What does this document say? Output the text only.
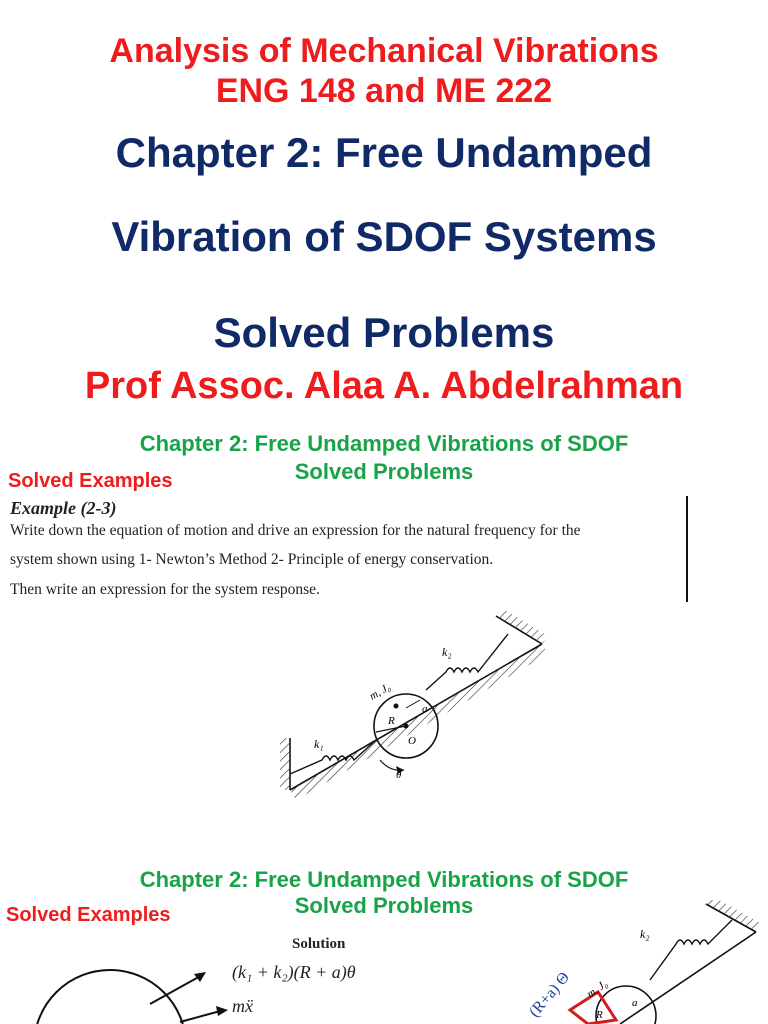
Analysis of Mechanical Vibrations
ENG 148 and ME 222
Chapter 2: Free Undamped
Vibration of SDOF Systems
Solved Problems
Prof Assoc. Alaa A. Abdelrahman
Chapter 2: Free Undamped Vibrations of SDOF
Solved Problems
Solved Examples
Example (2-3)
Write down the equation of motion and drive an expression for the natural frequency for the
system shown using 1- Newton’s Method 2- Principle of energy conservation.
Then write an expression for the system response.
k₁
k₂
m, J₀
R
a
O
θ
Chapter 2: Free Undamped Vibrations of SDOF
Solved Problems
Solved Examples
Solution
(k₁ + k₂)(R + a)θ
mẍ
k₂
m, J₀
R
a
(R+a) Θ
